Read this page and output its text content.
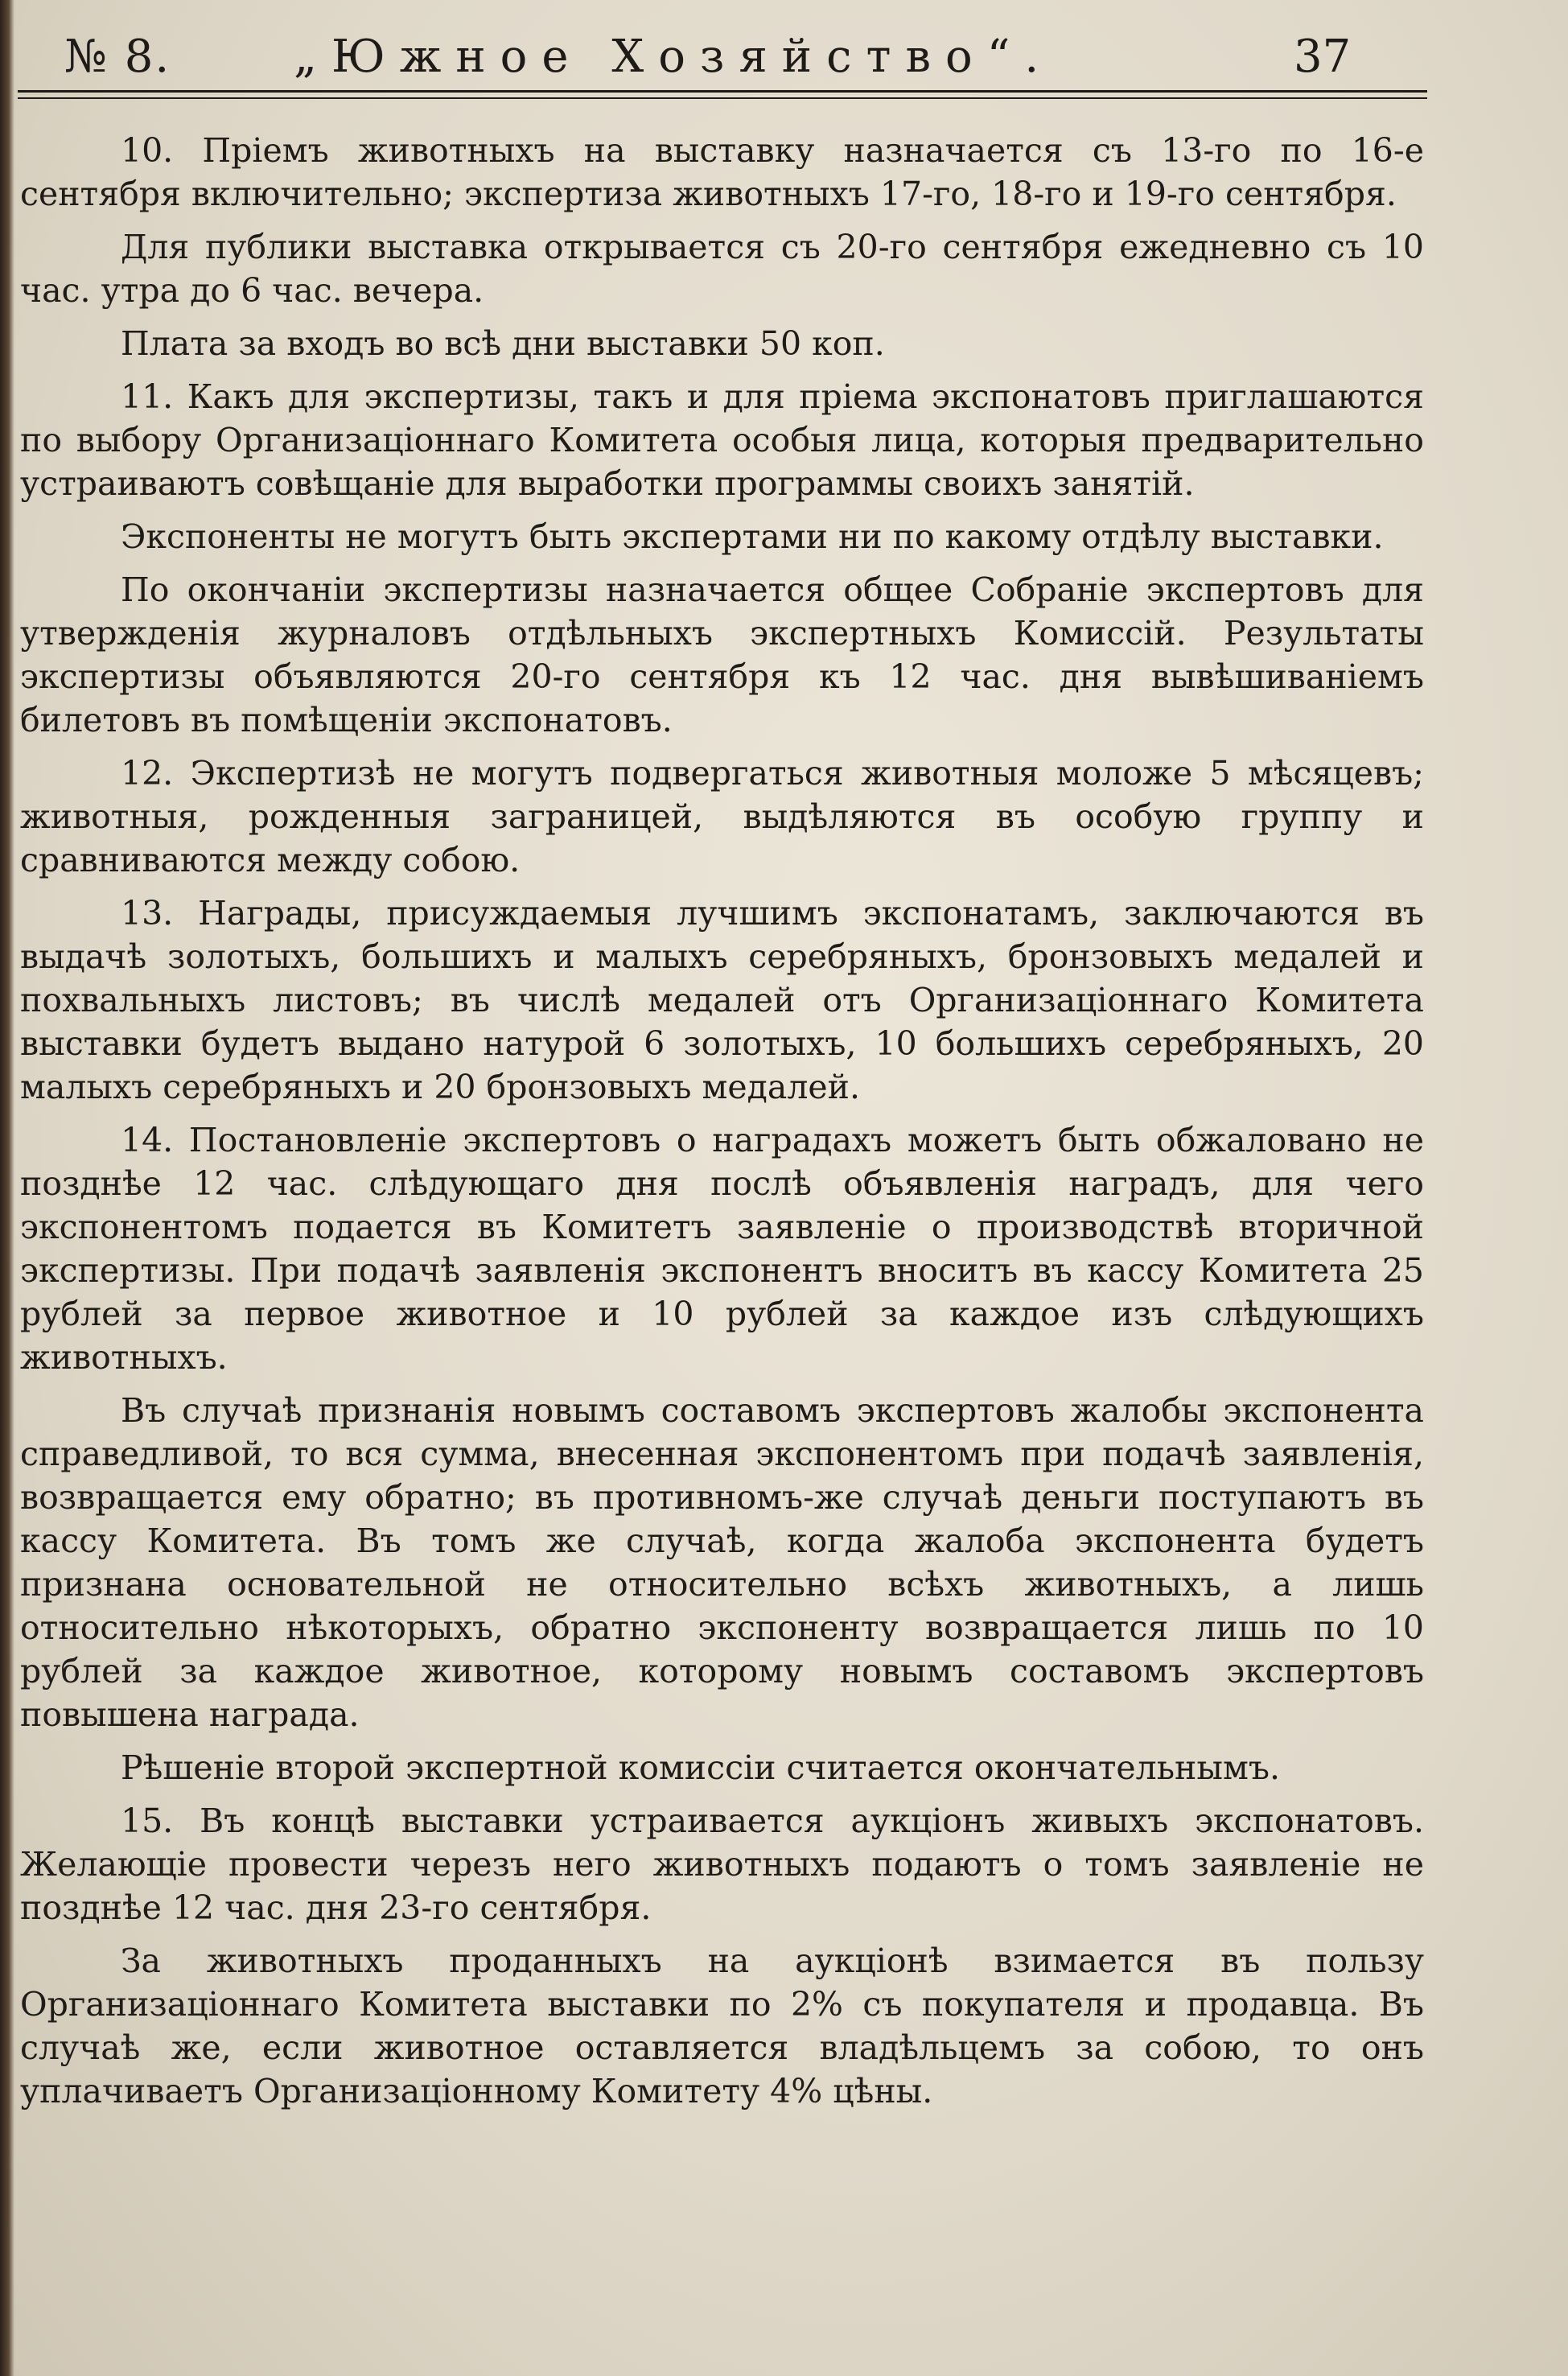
№ 8.	„Южное Хозяйство“.	37

10. Пріемъ животныхъ на выставку назначается съ 13-го по 16-е сентября включительно; экспертиза животныхъ 17-го, 18-го и 19-го сентября.

Для публики выставка открывается съ 20-го сентября ежедневно съ 10 час. утра до 6 час. вечера.

Плата за входъ во всѣ дни выставки 50 коп.

11. Какъ для экспертизы, такъ и для пріема экспонатовъ приглашаются по выбору Организаціоннаго Комитета особыя лица, которыя предварительно устраиваютъ совѣщаніе для выработки программы своихъ занятій.

Экспоненты не могутъ быть экспертами ни по какому отдѣлу выставки.

По окончаніи экспертизы назначается общее Собраніе экспертовъ для утвержденія журналовъ отдѣльныхъ экспертныхъ Комиссій. Результаты экспертизы объявляются 20-го сентября къ 12 час. дня вывѣшиваніемъ билетовъ въ помѣщеніи экспонатовъ.

12. Экспертизѣ не могутъ подвергаться животныя моложе 5 мѣсяцевъ; животныя, рожденныя заграницей, выдѣляются въ особую группу и сравниваются между собою.

13. Награды, присуждаемыя лучшимъ экспонатамъ, заключаются въ выдачѣ золотыхъ, большихъ и малыхъ серебряныхъ, бронзовыхъ медалей и похвальныхъ листовъ; въ числѣ медалей отъ Организаціоннаго Комитета выставки будетъ выдано натурой 6 золотыхъ, 10 большихъ серебряныхъ, 20 малыхъ серебряныхъ и 20 бронзовыхъ медалей.

14. Постановленіе экспертовъ о наградахъ можетъ быть обжаловано не позднѣе 12 час. слѣдующаго дня послѣ объявленія наградъ, для чего экспонентомъ подается въ Комитетъ заявленіе о производствѣ вторичной экспертизы. При подачѣ заявленія экспонентъ вноситъ въ кассу Комитета 25 рублей за первое животное и 10 рублей за каждое изъ слѣдующихъ животныхъ.

Въ случаѣ признанія новымъ составомъ экспертовъ жалобы экспонента справедливой, то вся сумма, внесенная экспонентомъ при подачѣ заявленія, возвращается ему обратно; въ противномъ-же случаѣ деньги поступаютъ въ кассу Комитета. Въ томъ же случаѣ, когда жалоба экспонента будетъ признана основательной не относительно всѣхъ животныхъ, а лишь относительно нѣкоторыхъ, обратно экспоненту возвращается лишь по 10 рублей за каждое животное, которому новымъ составомъ экспертовъ повышена награда.

Рѣшеніе второй экспертной комиссіи считается окончательнымъ.

15. Въ концѣ выставки устраивается аукціонъ живыхъ экспонатовъ. Желающіе провести черезъ него животныхъ подаютъ о томъ заявленіе не позднѣе 12 час. дня 23-го сентября.

За животныхъ проданныхъ на аукціонѣ взимается въ пользу Организаціоннаго Комитета выставки по 2% съ покупателя и продавца. Въ случаѣ же, если животное оставляется владѣльцемъ за собою, то онъ уплачиваетъ Организаціонному Комитету 4% цѣны.
